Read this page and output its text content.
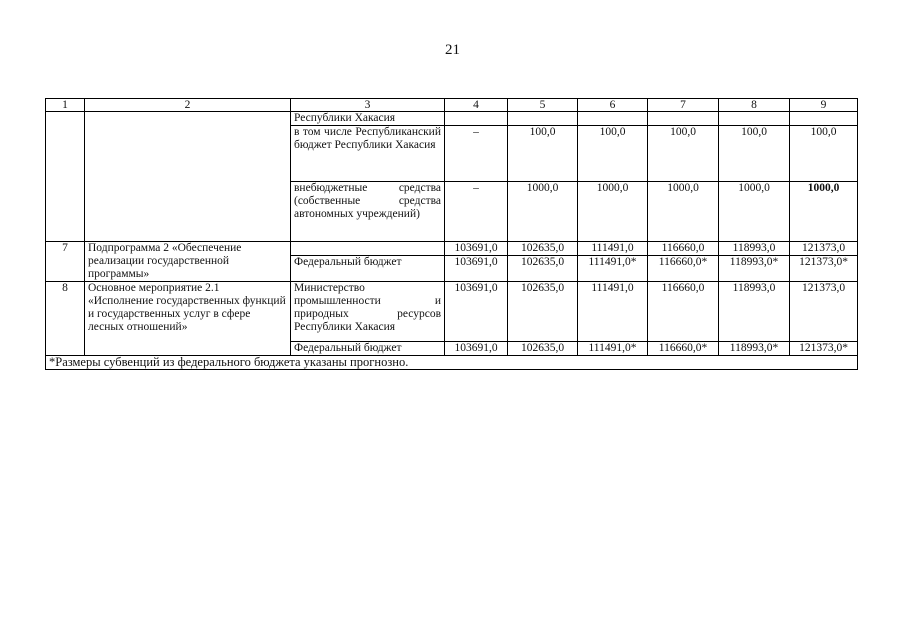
21
1	2	3	4	5	6	7	8	9
		Республики Хакасия						
		в том числе Республиканский бюджет Республики Хакасия	–	100,0	100,0	100,0	100,0	100,0
		внебюджетные средства (собственные средства автономных учреждений)	–	1000,0	1000,0	1000,0	1000,0	1000,0
7	Подпрограмма 2 «Обеспечение реализации государственной программы»		103691,0	102635,0	111491,0	116660,0	118993,0	121373,0
		Федеральный бюджет	103691,0	102635,0	111491,0*	116660,0*	118993,0*	121373,0*
8	Основное мероприятие 2.1 «Исполнение государственных функций и государственных услуг в сфере лесных отношений»	Министерство промышленности и природных ресурсов Республики Хакасия	103691,0	102635,0	111491,0	116660,0	118993,0	121373,0
		Федеральный бюджет	103691,0	102635,0	111491,0*	116660,0*	118993,0*	121373,0*
*Размеры субвенций из федерального бюджета указаны прогнозно.								
